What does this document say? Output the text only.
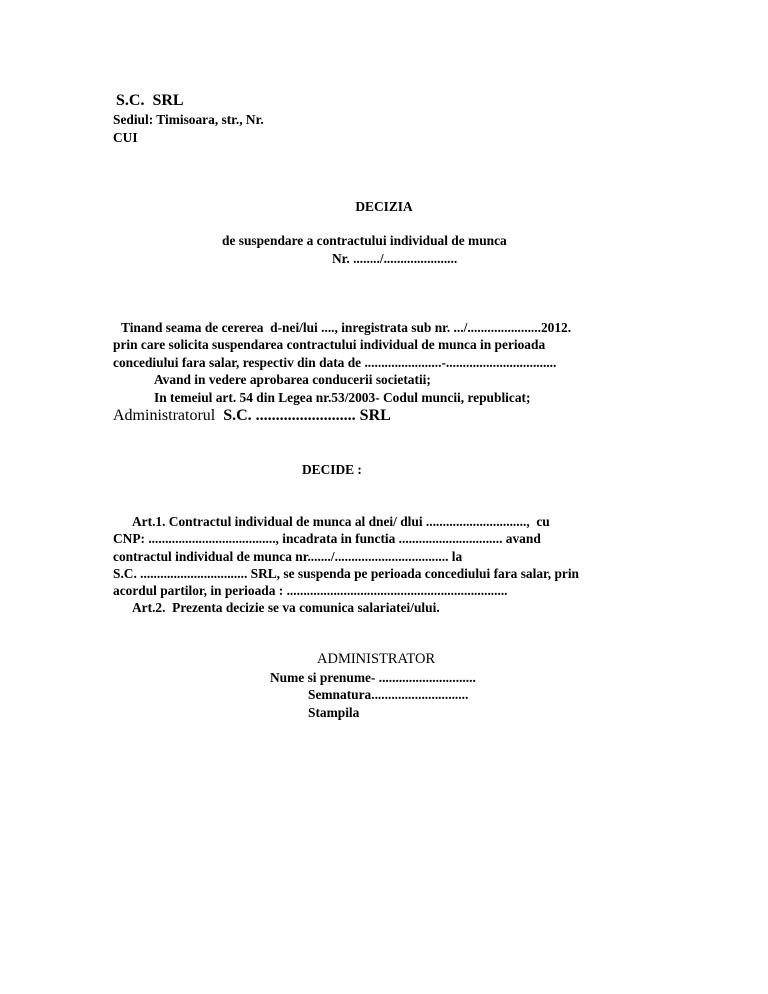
S.C.  SRL
Sediul: Timisoara, str., Nr.
CUI
DECIZIA
de suspendare a contractului individual de munca
Nr. ......../......................
Tinand seama de cererea  d-nei/lui ...., inregistrata sub nr. .../......................2012.
prin care solicita suspendarea contractului individual de munca in perioada
concediului fara salar, respectiv din data de .......................-.................................
Avand in vedere aprobarea conducerii societatii;
In temeiul art. 54 din Legea nr.53/2003- Codul muncii, republicat;
Administratorul S.C. ......................... SRL
DECIDE :
Art.1. Contractul individual de munca al dnei/ dlui ..............................,  cu
CNP: ......................................, incadrata in functia ............................... avand
contractul individual de munca nr......./.................................. la
S.C. ................................ SRL, se suspenda pe perioada concediului fara salar, prin
acordul partilor, in perioada : ..................................................................
Art.2.  Prezenta decizie se va comunica salariatei/ului.
ADMINISTRATOR
Nume si prenume- .............................
Semnatura.............................
Stampila
